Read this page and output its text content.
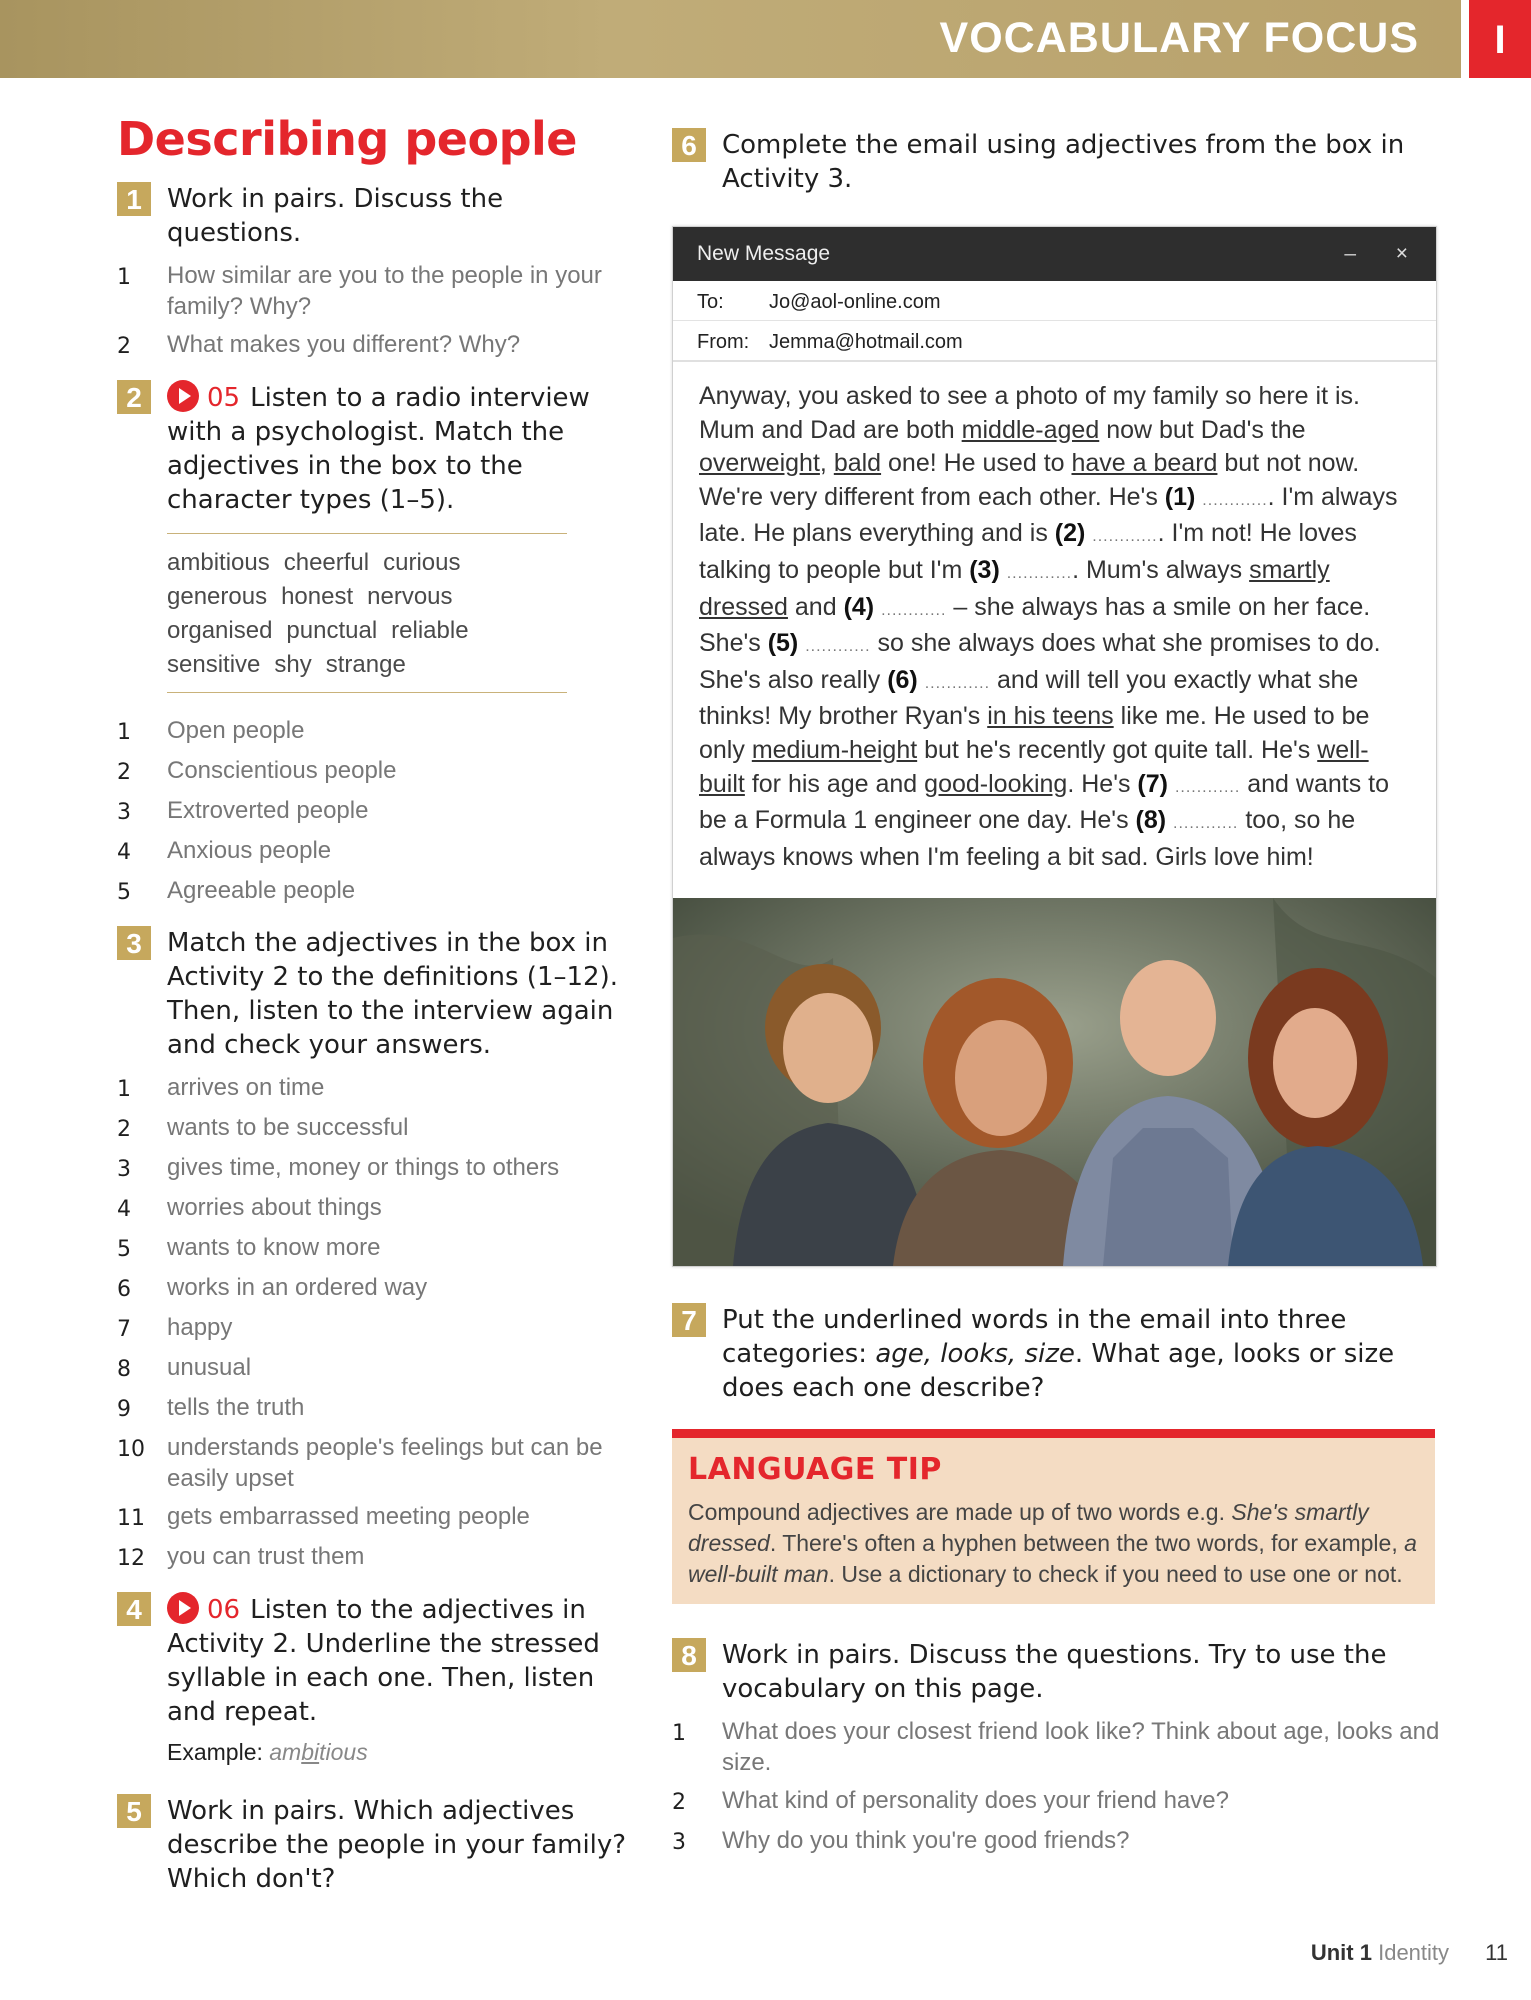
VOCABULARY FOCUS	I
Describing people
1 Work in pairs. Discuss the questions.
1	How similar are you to the people in your family? Why?
2	What makes you different? Why?
2	05 Listen to a radio interview with a psychologist. Match the adjectives in the box to the character types (1–5).
ambitious cheerful curious
generous honest nervous
organised punctual reliable
sensitive shy strange
1	Open people
2	Conscientious people
3	Extroverted people
4	Anxious people
5	Agreeable people
3 Match the adjectives in the box in Activity 2 to the definitions (1–12). Then, listen to the interview again and check your answers.
1	arrives on time
2	wants to be successful
3	gives time, money or things to others
4	worries about things
5	wants to know more
6	works in an ordered way
7	happy
8	unusual
9	tells the truth
10 understands people's feelings but can be easily upset
11 gets embarrassed meeting people
12 you can trust them
4	06 Listen to the adjectives in Activity 2. Underline the stressed syllable in each one. Then, listen and repeat.
Example: ambitious
5 Work in pairs. Which adjectives describe the people in your family? Which don't?
6 Complete the email using adjectives from the box in Activity 3.
New Message	– ×
To: Jo@aol-online.com
From: Jemma@hotmail.com
Anyway, you asked to see a photo of my family so here it is. Mum and Dad are both middle-aged now but Dad's the overweight, bald one! He used to have a beard but not now. We're very different from each other. He's (1) ............. I'm always late. He plans everything and is (2) ............. I'm not! He loves talking to people but I'm (3) ............. Mum's always smartly dressed and (4) ............ – she always has a smile on her face. She's (5) ............ so she always does what she promises to do. She's also really (6) ............ and will tell you exactly what she thinks! My brother Ryan's in his teens like me. He used to be only medium-height but he's recently got quite tall. He's well-built for his age and good-looking. He's (7) ............ and wants to be a Formula 1 engineer one day. He's (8) ............ too, so he always knows when I'm feeling a bit sad. Girls love him!
7 Put the underlined words in the email into three categories: age, looks, size. What age, looks or size does each one describe?
LANGUAGE TIP
Compound adjectives are made up of two words e.g. She's smartly dressed. There's often a hyphen between the two words, for example, a well-built man. Use a dictionary to check if you need to use one or not.
8 Work in pairs. Discuss the questions. Try to use the vocabulary on this page.
1	What does your closest friend look like? Think about age, looks and size.
2	What kind of personality does your friend have?
3	Why do you think you're good friends?
Unit 1 Identity 11
